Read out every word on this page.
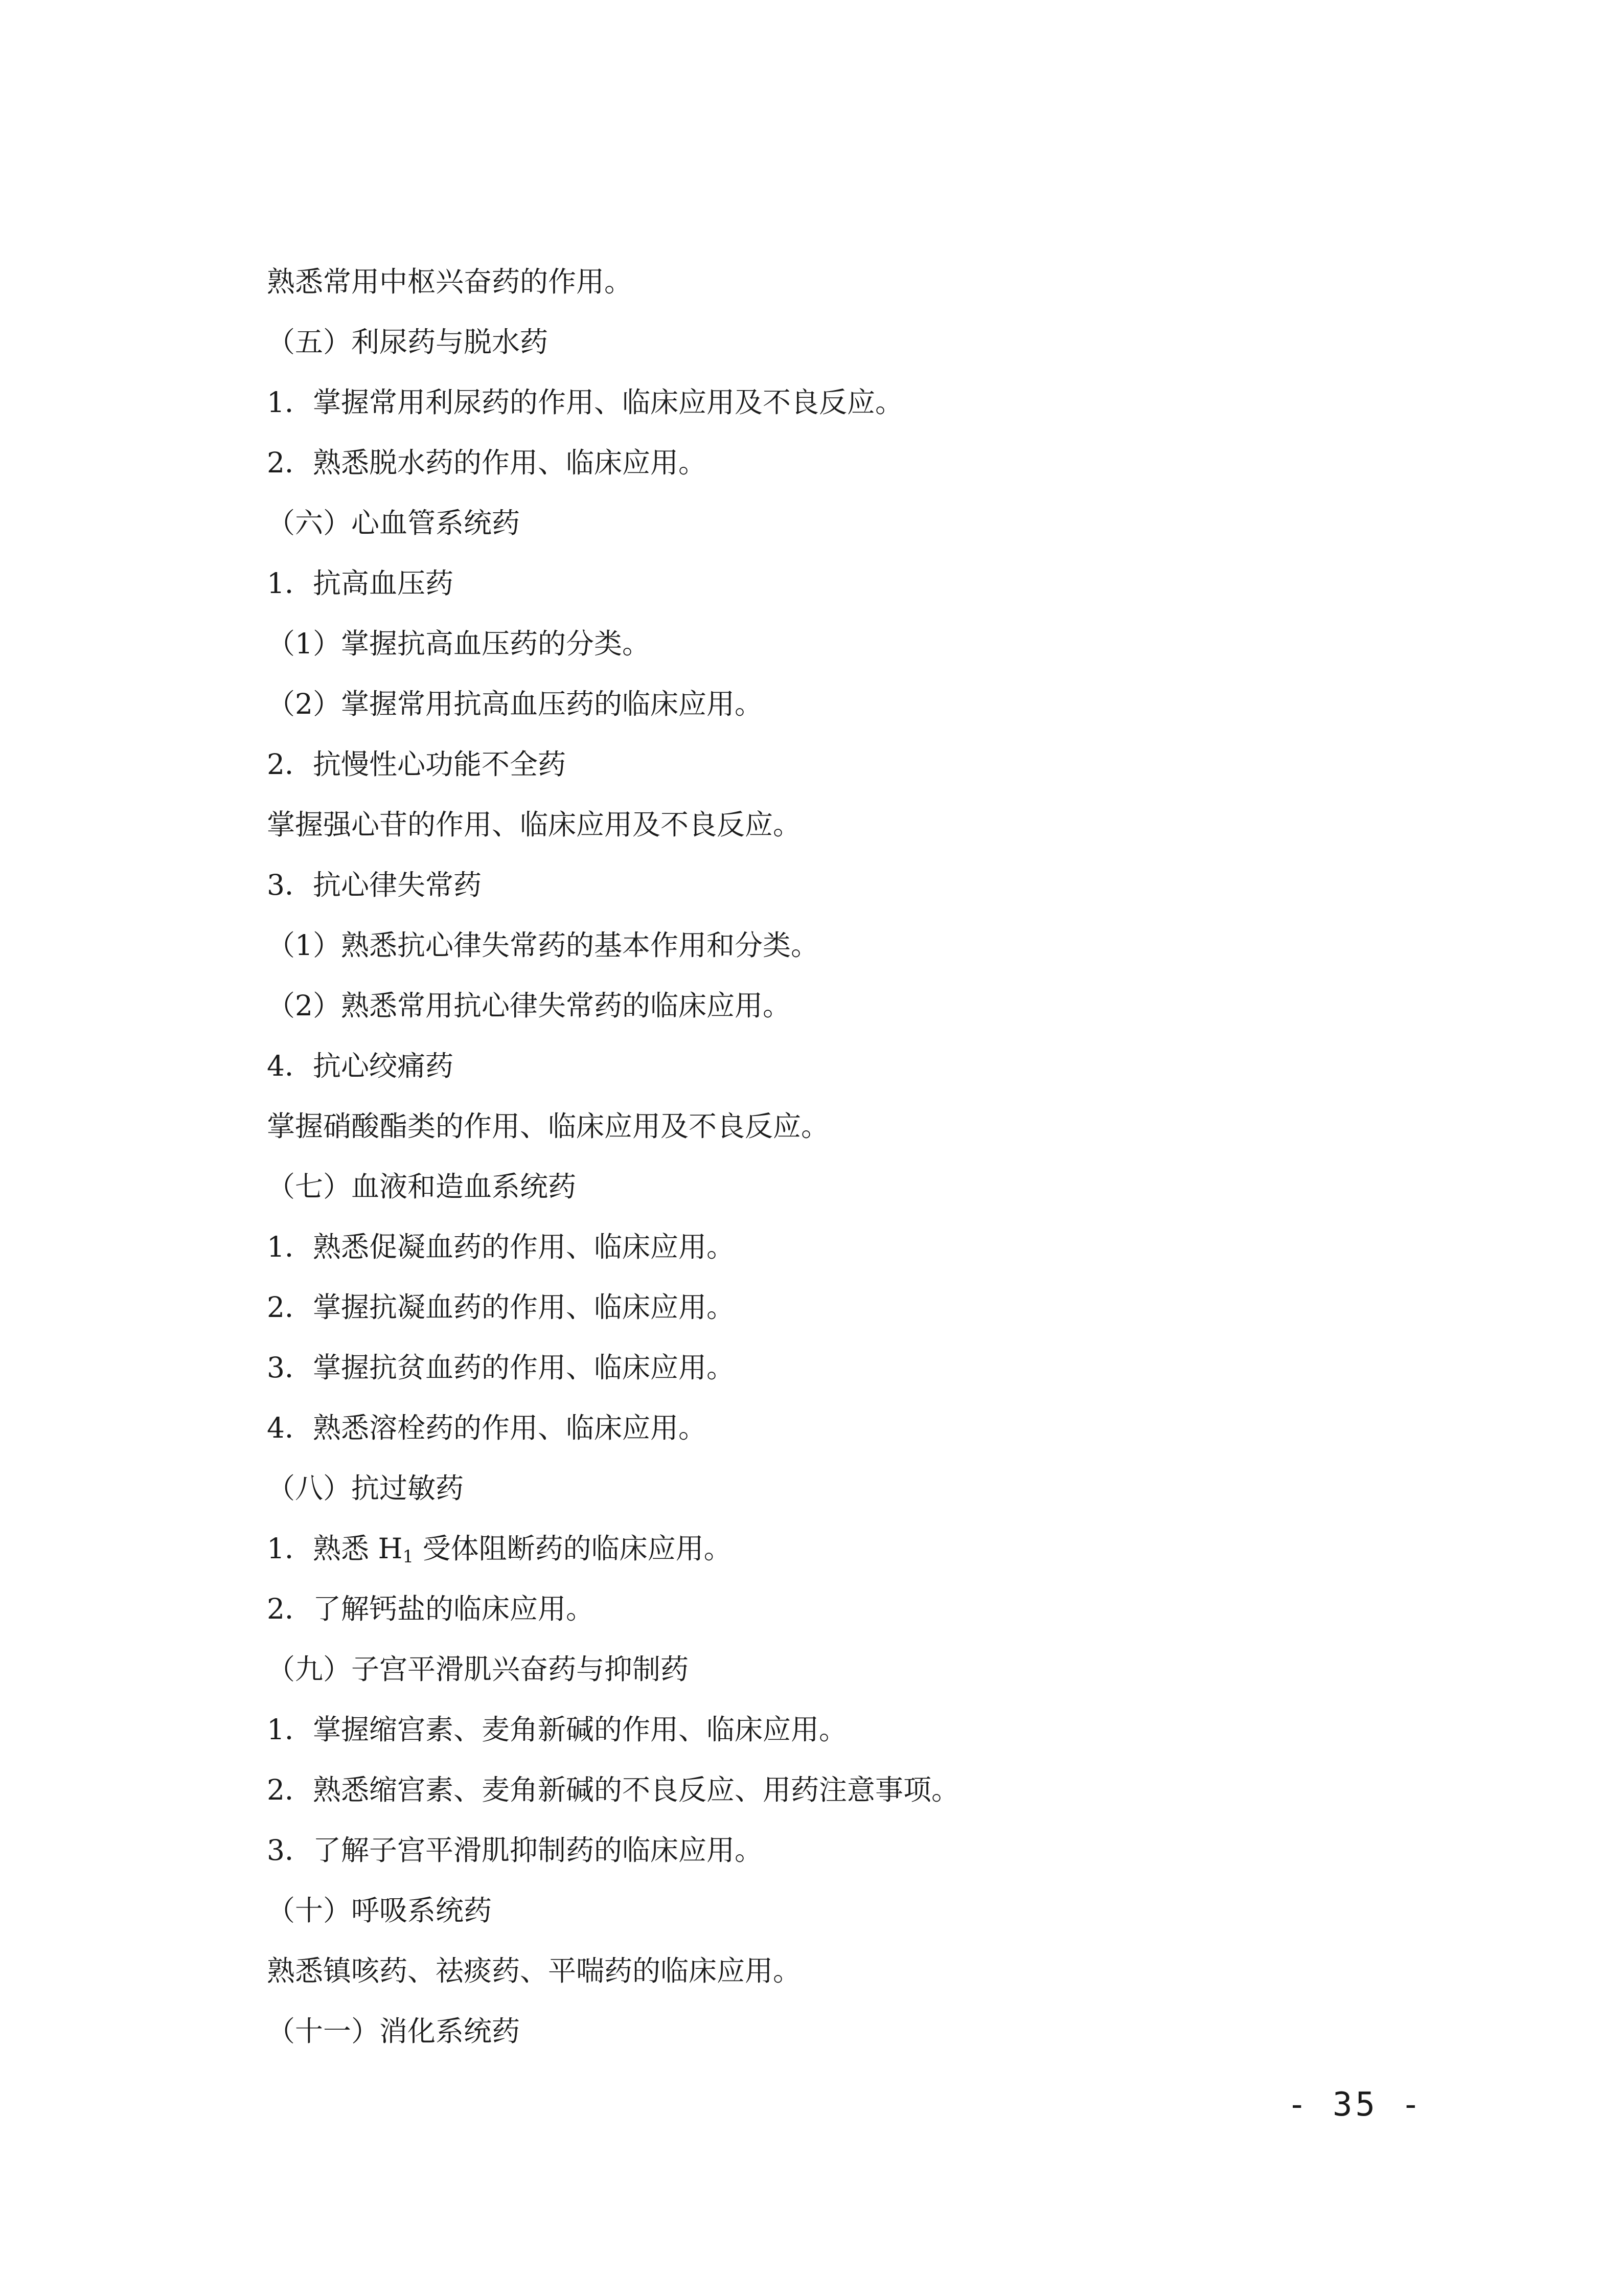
熟悉常用中枢兴奋药的作用。
（五）利尿药与脱水药
1．掌握常用利尿药的作用、临床应用及不良反应。
2．熟悉脱水药的作用、临床应用。
（六）心血管系统药
1．抗高血压药
（1）掌握抗高血压药的分类。
（2）掌握常用抗高血压药的临床应用。
2．抗慢性心功能不全药
掌握强心苷的作用、临床应用及不良反应。
3．抗心律失常药
（1）熟悉抗心律失常药的基本作用和分类。
（2）熟悉常用抗心律失常药的临床应用。
4．抗心绞痛药
掌握硝酸酯类的作用、临床应用及不良反应。
（七）血液和造血系统药
1．熟悉促凝血药的作用、临床应用。
2．掌握抗凝血药的作用、临床应用。
3．掌握抗贫血药的作用、临床应用。
4．熟悉溶栓药的作用、临床应用。
（八）抗过敏药
1．熟悉 $H_1$ 受体阻断药的临床应用。
2．了解钙盐的临床应用。
（九）子宫平滑肌兴奋药与抑制药
1．掌握缩宫素、麦角新碱的作用、临床应用。
2．熟悉缩宫素、麦角新碱的不良反应、用药注意事项。
3．了解子宫平滑肌抑制药的临床应用。
（十）呼吸系统药
熟悉镇咳药、祛痰药、平喘药的临床应用。
（十一）消化系统药
- 35 -
